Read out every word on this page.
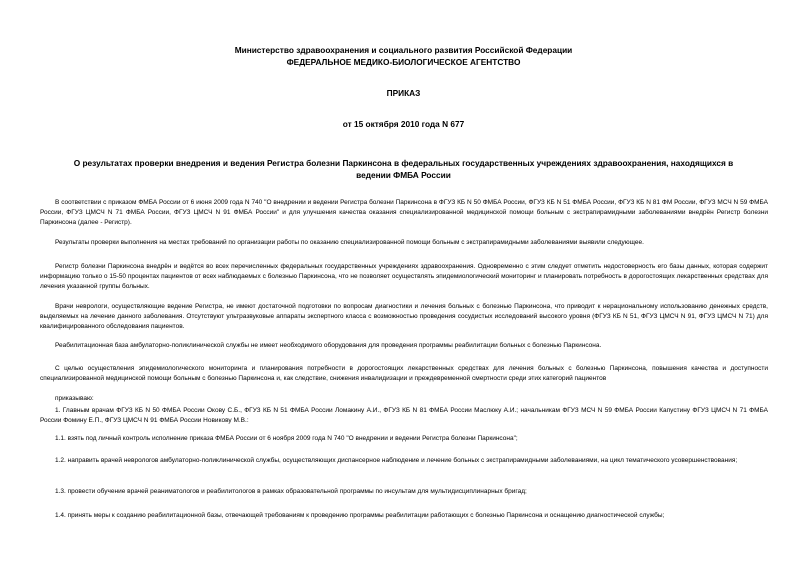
Министерство здравоохранения и социального развития Российской Федерации
ФЕДЕРАЛЬНОЕ МЕДИКО-БИОЛОГИЧЕСКОЕ АГЕНТСТВО
ПРИКАЗ
от 15 октября 2010 года N 677
О результатах проверки внедрения и ведения Регистра болезни Паркинсона в федеральных государственных учреждениях здравоохранения, находящихся в ведении ФМБА России
В соответствии с приказом ФМБА России от 6 июня 2009 года N 740 "О внедрении и ведении Регистра болезни Паркинсона в ФГУЗ КБ N 50 ФМБА России, ФГУЗ КБ N 51 ФМБА России, ФГУЗ КБ N 81 ФМ России, ФГУЗ МСЧ N 59 ФМБА России, ФГУЗ ЦМСЧ N 71 ФМБА России, ФГУЗ ЦМСЧ N 91 ФМБА России" и для улучшения качества оказания специализированной медицинской помощи больным с экстрапирамидными заболеваниями внедрён Регистр болезни Паркинсона (далее - Регистр).
Результаты проверки выполнения на местах требований по организации работы по оказанию специализированной помощи больным с экстрапирамидными заболеваниями выявили следующее.
Регистр болезни Паркинсона внедрён и ведётся во всех перечисленных федеральных государственных учреждениях здравоохранения. Одновременно с этим следует отметить недостоверность его базы данных, которая содержит информацию только о 15-50 процентах пациентов от всех наблюдаемых с болезнью Паркинсона, что не позволяет осуществлять эпидемиологический мониторинг и планировать потребность в дорогостоящих лекарственных средствах для лечения указанной группы больных.
Врачи неврологи, осуществляющие ведение Регистра, не имеют достаточной подготовки по вопросам диагностики и лечения больных с болезнью Паркинсона, что приводит к нерациональному использованию денежных средств, выделяемых на лечение данного заболевания. Отсутствуют ультразвуковые аппараты экспертного класса с возможностью проведения сосудистых исследований высокого уровня (ФГУЗ КБ N 51, ФГУЗ ЦМСЧ N 91, ФГУЗ ЦМСЧ N 71) для квалифицированного обследования пациентов.
Реабилитационная база амбулаторно-поликлинической службы не имеет необходимого оборудования для проведения программы реабилитации больных с болезнью Паркинсона.
С целью осуществления эпидемиологического мониторинга и планирования потребности в дорогостоящих лекарственных средствах для лечения больных с болезнью Паркинсона, повышения качества и доступности специализированной медицинской помощи больным с болезнью Паркинсона и, как следствие, снижения инвалидизации и преждевременной смертности среди этих категорий пациентов
приказываю:
1. Главным врачам ФГУЗ КБ N 50 ФМБА России Окову С.Б., ФГУЗ КБ N 51 ФМБА России Ломакину А.И., ФГУЗ КБ N 81 ФМБА России Маслюку А.И.; начальникам ФГУЗ МСЧ N 59 ФМБА России Капустину ФГУЗ ЦМСЧ N 71 ФМБА России Фомину Е.П., ФГУЗ ЦМСЧ N 91 ФМБА России Новикову М.В.:
1.1. взять под личный контроль исполнение приказа ФМБА России от 6 ноября 2009 года N 740 "О внедрении и ведении Регистра болезни Паркинсона";
1.2. направить врачей неврологов амбулаторно-поликлинической службы, осуществляющих диспансерное наблюдение и лечение больных с экстрапирамидными заболеваниями, на цикл тематического усовершенствования;
1.3. провести обучение врачей реаниматологов и реабилитологов в рамках образовательной программы по инсультам для мультидисциплинарных бригад;
1.4. принять меры к созданию реабилитационной базы, отвечающей требованиям к проведению программы реабилитации работающих с болезнью Паркинсона и оснащению диагностической службы;
